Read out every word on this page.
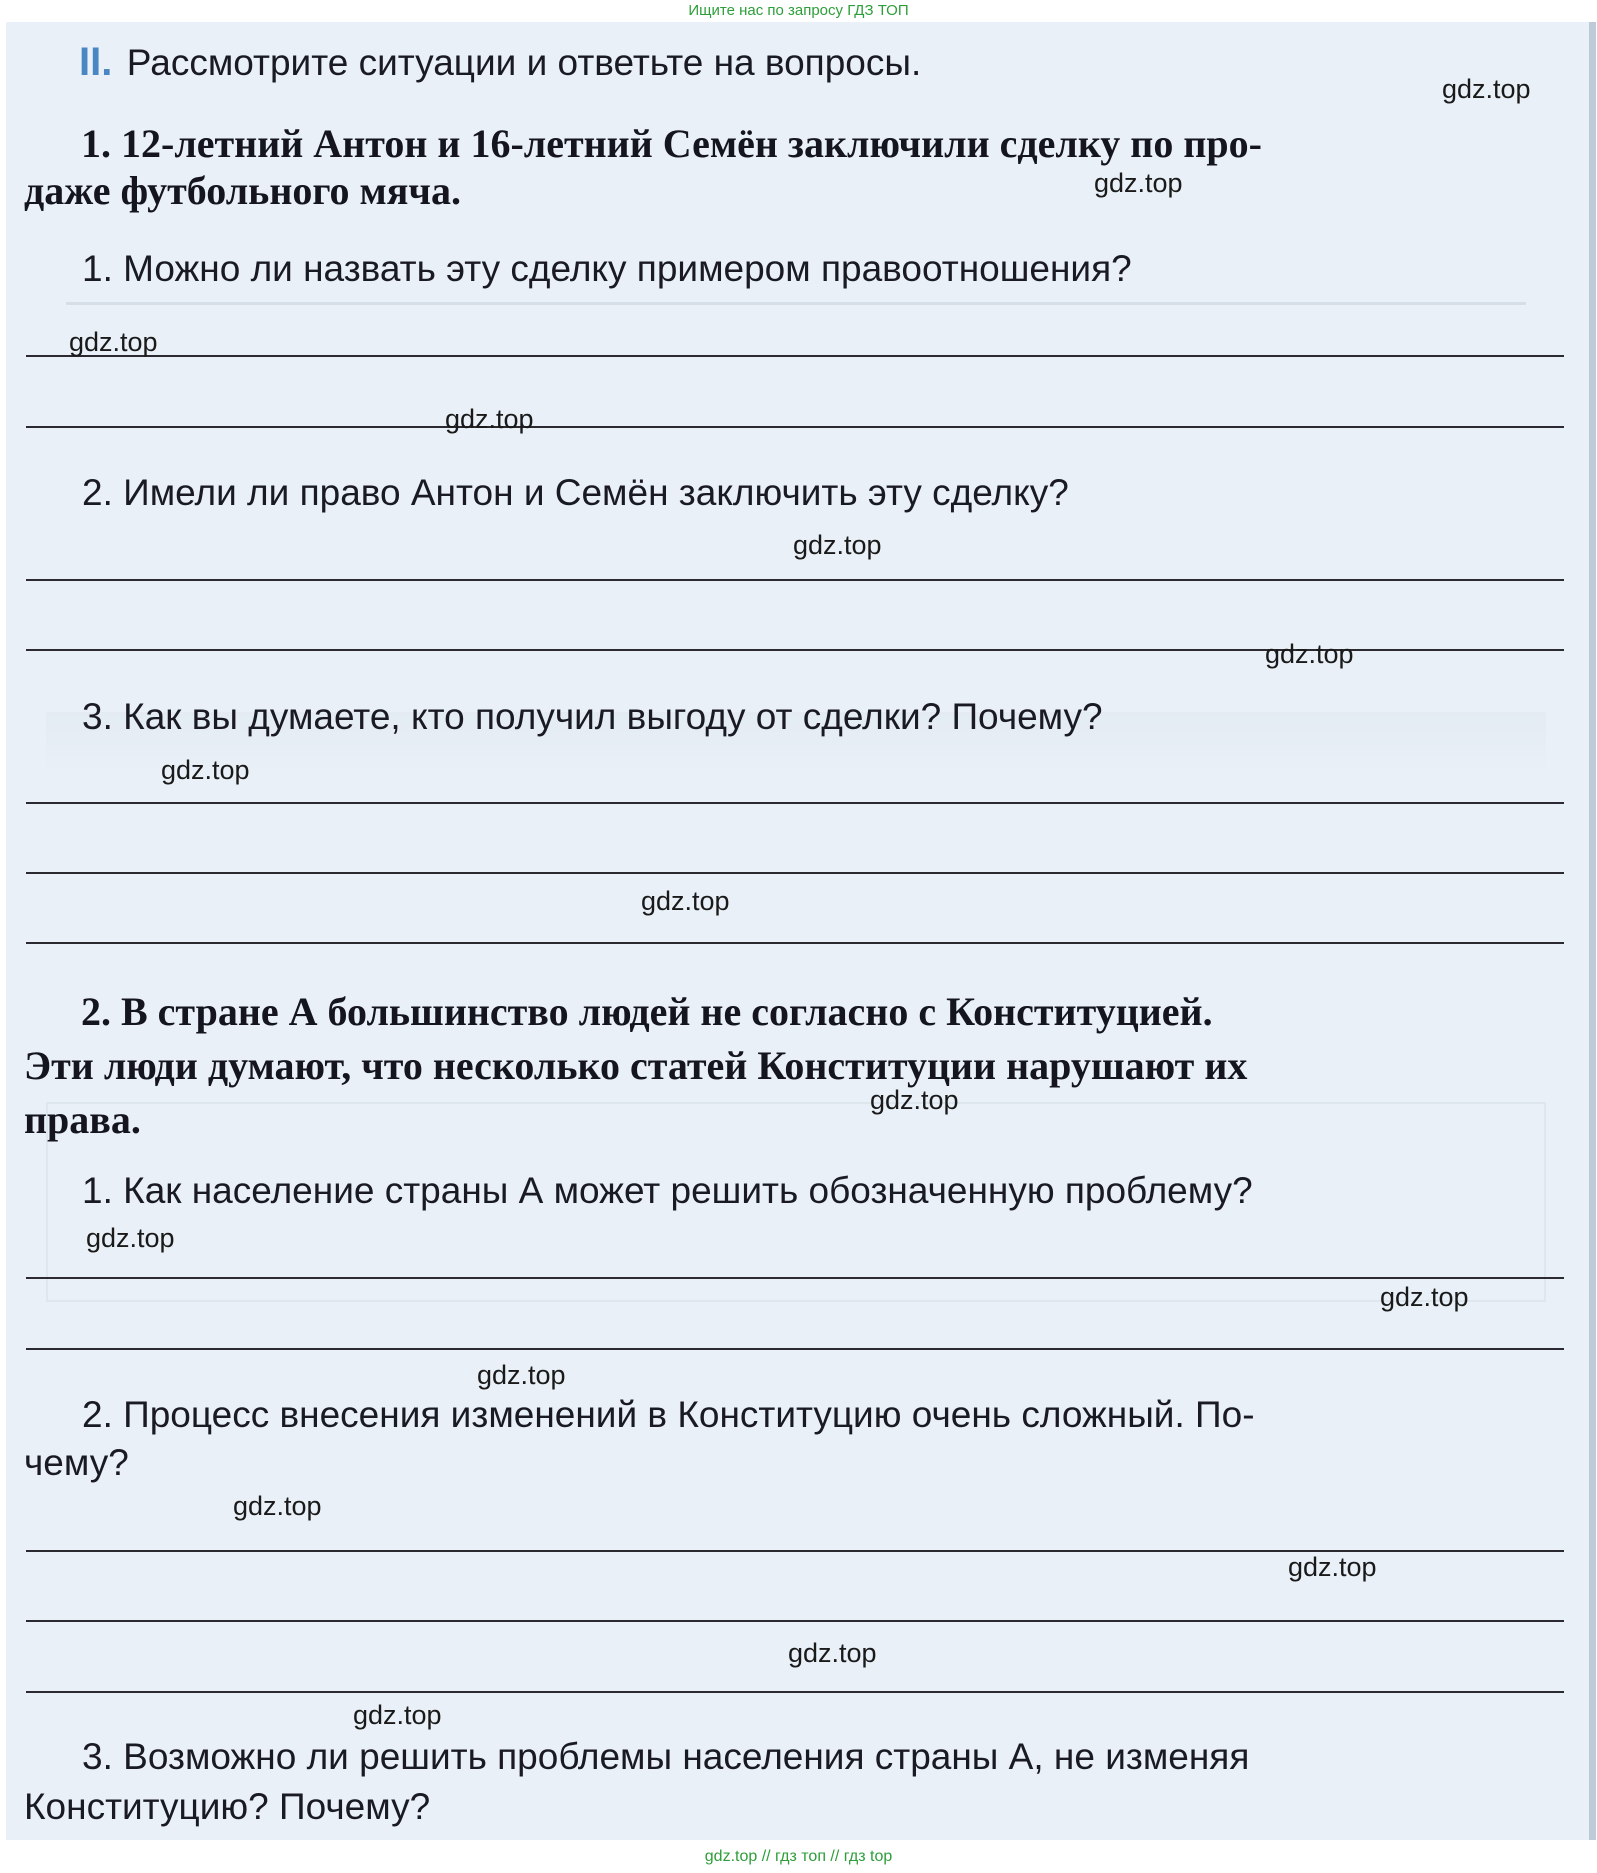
Ищите нас по запросу ГДЗ ТОП

II. Рассмотрите ситуации и ответьте на вопросы.

1. 12-летний Антон и 16-летний Семён заключили сделку по про-

даже футбольного мяча.

1. Можно ли назвать эту сделку примером правоотношения?

2. Имели ли право Антон и Семён заключить эту сделку?

3. Как вы думаете, кто получил выгоду от сделки? Почему?

2. В стране А большинство людей не согласно с Конституцией.

Эти люди думают, что несколько статей Конституции нарушают их

права.

1. Как население страны А может решить обозначенную проблему?

2. Процесс внесения изменений в Конституцию очень сложный. По-

чему?

3. Возможно ли решить проблемы населения страны А, не изменяя

Конституцию? Почему?

gdz.top
gdz.top
gdz.top
gdz.top
gdz.top
gdz.top
gdz.top
gdz.top
gdz.top
gdz.top
gdz.top
gdz.top
gdz.top
gdz.top
gdz.top
gdz.top
gdz.top // гдз топ // гдз top
